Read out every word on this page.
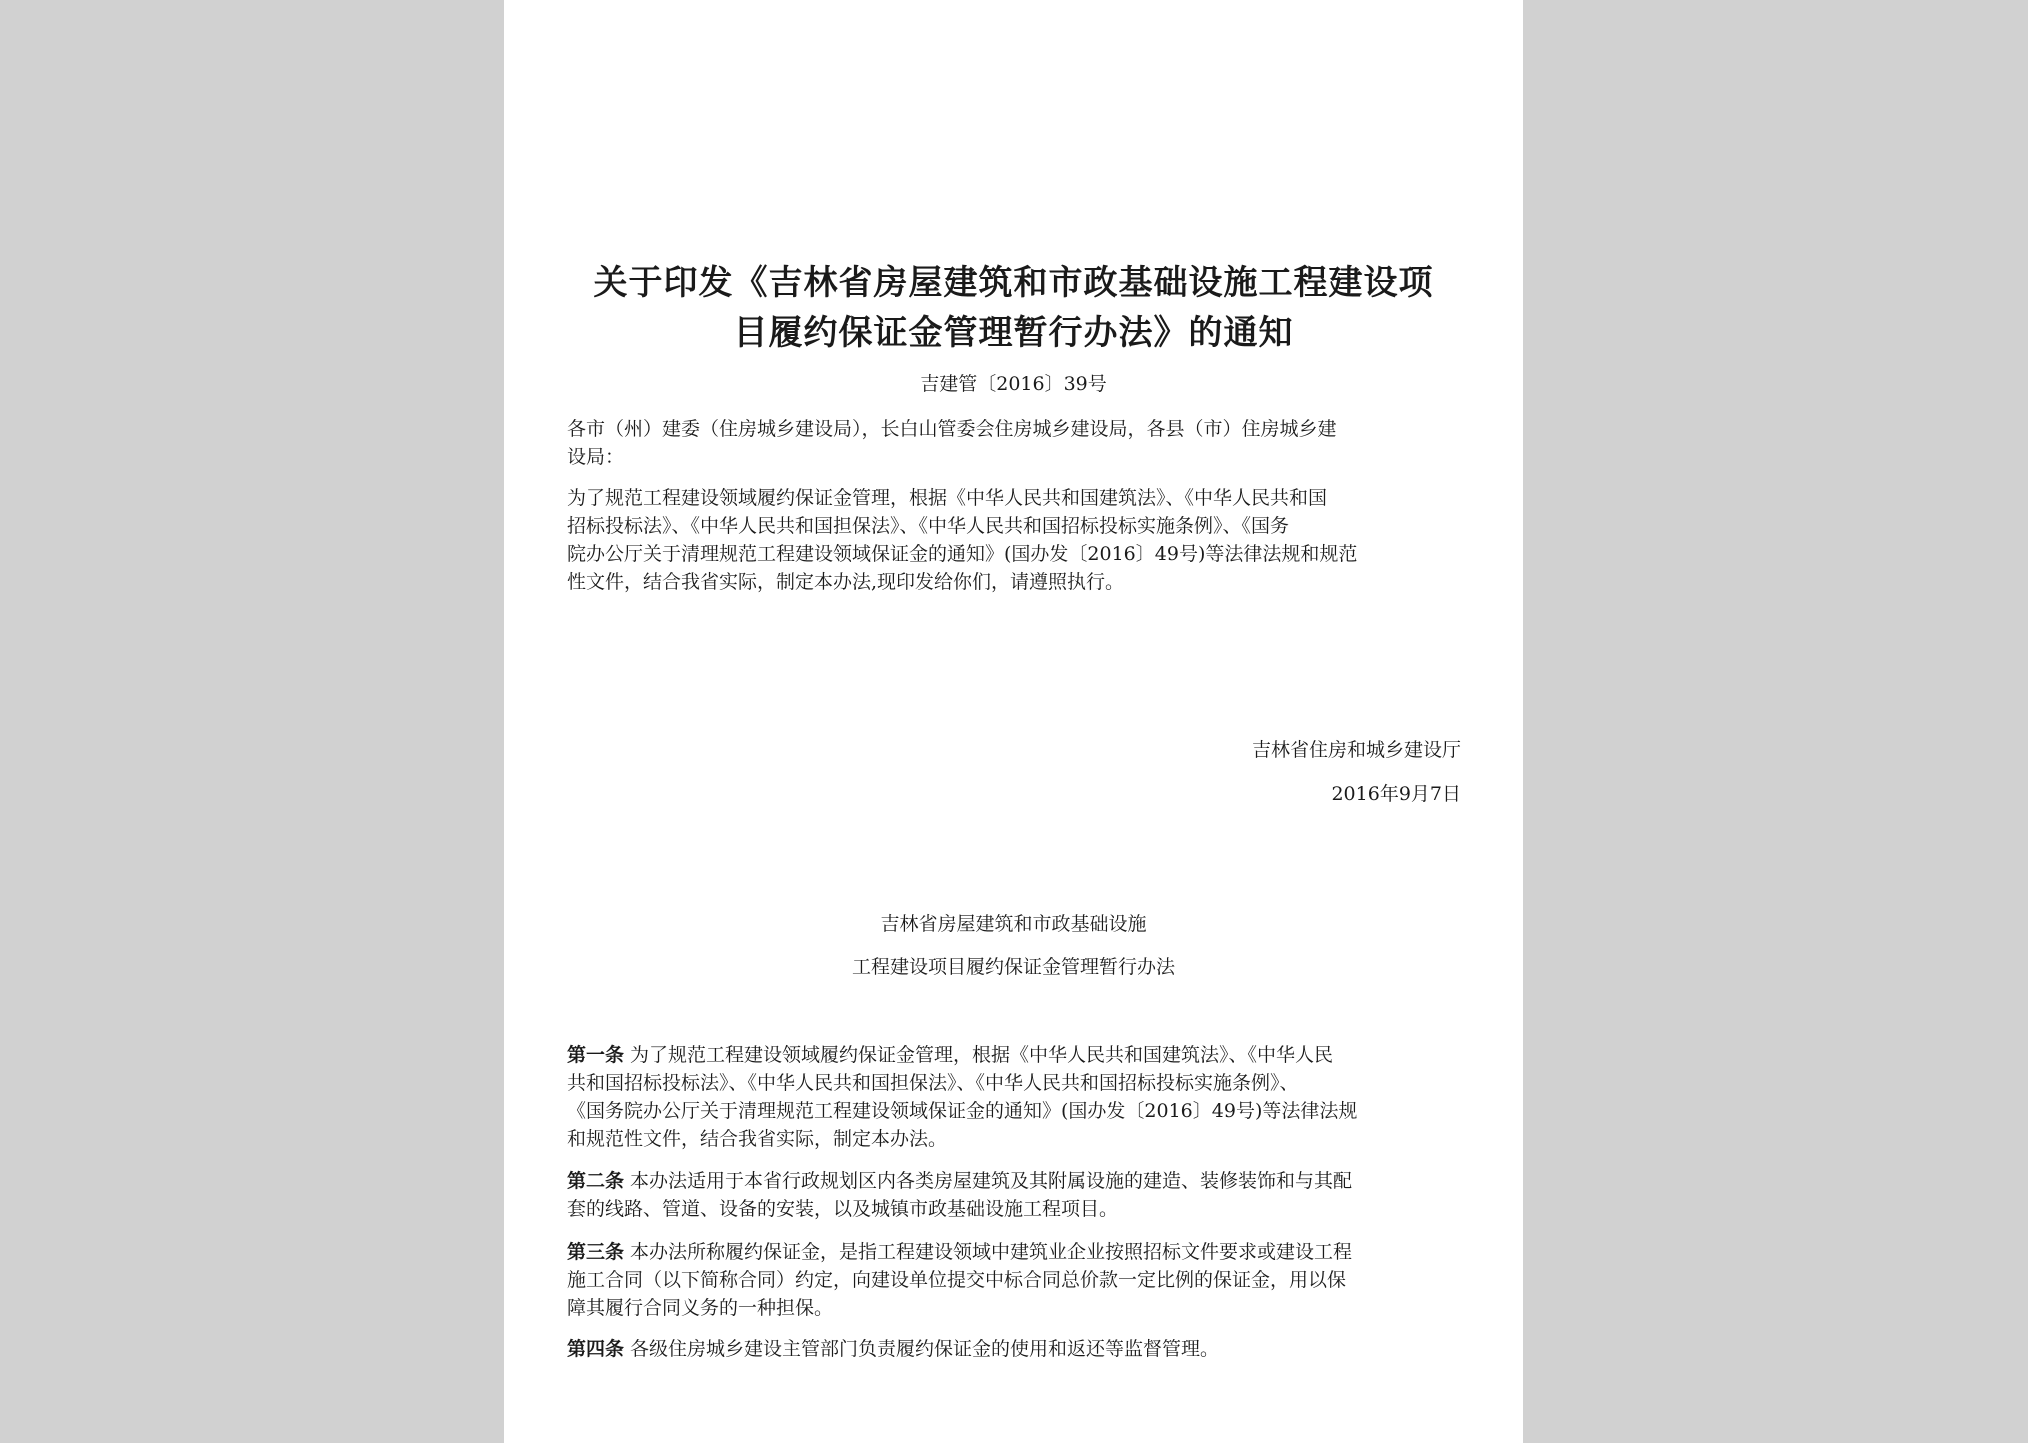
关于印发《吉林省房屋建筑和市政基础设施工程建设项
目履约保证金管理暂行办法》的通知
吉建管〔2016〕39号
各市（州）建委（住房城乡建设局），长白山管委会住房城乡建设局，各县（市）住房城乡建
设局：
为了规范工程建设领域履约保证金管理，根据《中华人民共和国建筑法》、《中华人民共和国
招标投标法》、《中华人民共和国担保法》、《中华人民共和国招标投标实施条例》、《国务
院办公厅关于清理规范工程建设领域保证金的通知》(国办发〔2016〕49号)等法律法规和规范
性文件，结合我省实际，制定本办法,现印发给你们，请遵照执行。
吉林省住房和城乡建设厅
2016年9月7日
吉林省房屋建筑和市政基础设施
工程建设项目履约保证金管理暂行办法
第一条 为了规范工程建设领域履约保证金管理，根据《中华人民共和国建筑法》、《中华人民
共和国招标投标法》、《中华人民共和国担保法》、《中华人民共和国招标投标实施条例》、
《国务院办公厅关于清理规范工程建设领域保证金的通知》(国办发〔2016〕49号)等法律法规
和规范性文件，结合我省实际，制定本办法。
第二条 本办法适用于本省行政规划区内各类房屋建筑及其附属设施的建造、装修装饰和与其配
套的线路、管道、设备的安装，以及城镇市政基础设施工程项目。
第三条 本办法所称履约保证金，是指工程建设领域中建筑业企业按照招标文件要求或建设工程
施工合同（以下简称合同）约定，向建设单位提交中标合同总价款一定比例的保证金，用以保
障其履行合同义务的一种担保。
第四条 各级住房城乡建设主管部门负责履约保证金的使用和返还等监督管理。
